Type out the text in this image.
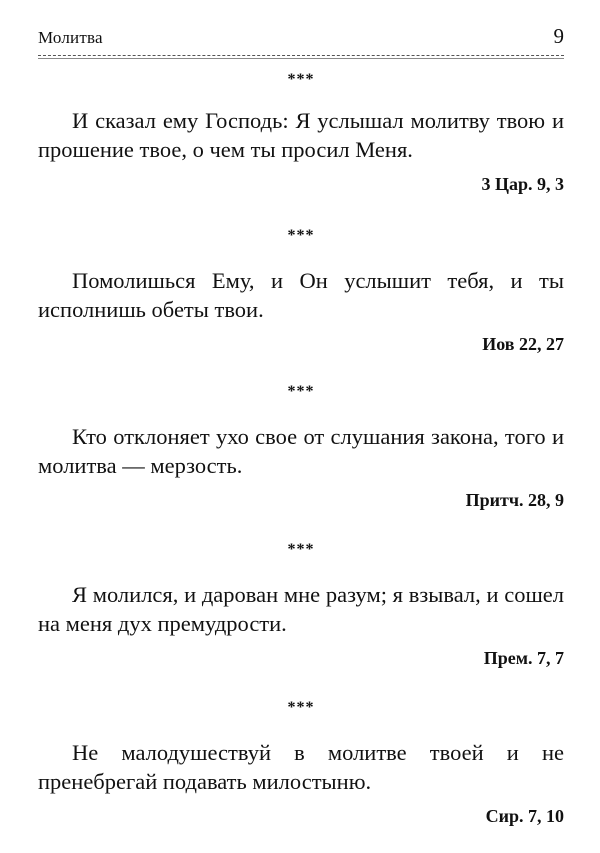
Молитва	9
***

И сказал ему Господь: Я услышал молитву твою и прошение твое, о чем ты просил Меня.

3 Цар. 9, 3
***

Помолишься Ему, и Он услышит тебя, и ты исполнишь обеты твои.

Иов 22, 27
***

Кто отклоняет ухо свое от слушания закона, того и молитва — мерзость.

Притч. 28, 9
***

Я молился, и дарован мне разум; я взывал, и сошел на меня дух премудрости.

Прем. 7, 7
***

Не малодушествуй в молитве твоей и не пренебрегай подавать милостыню.

Сир. 7, 10
